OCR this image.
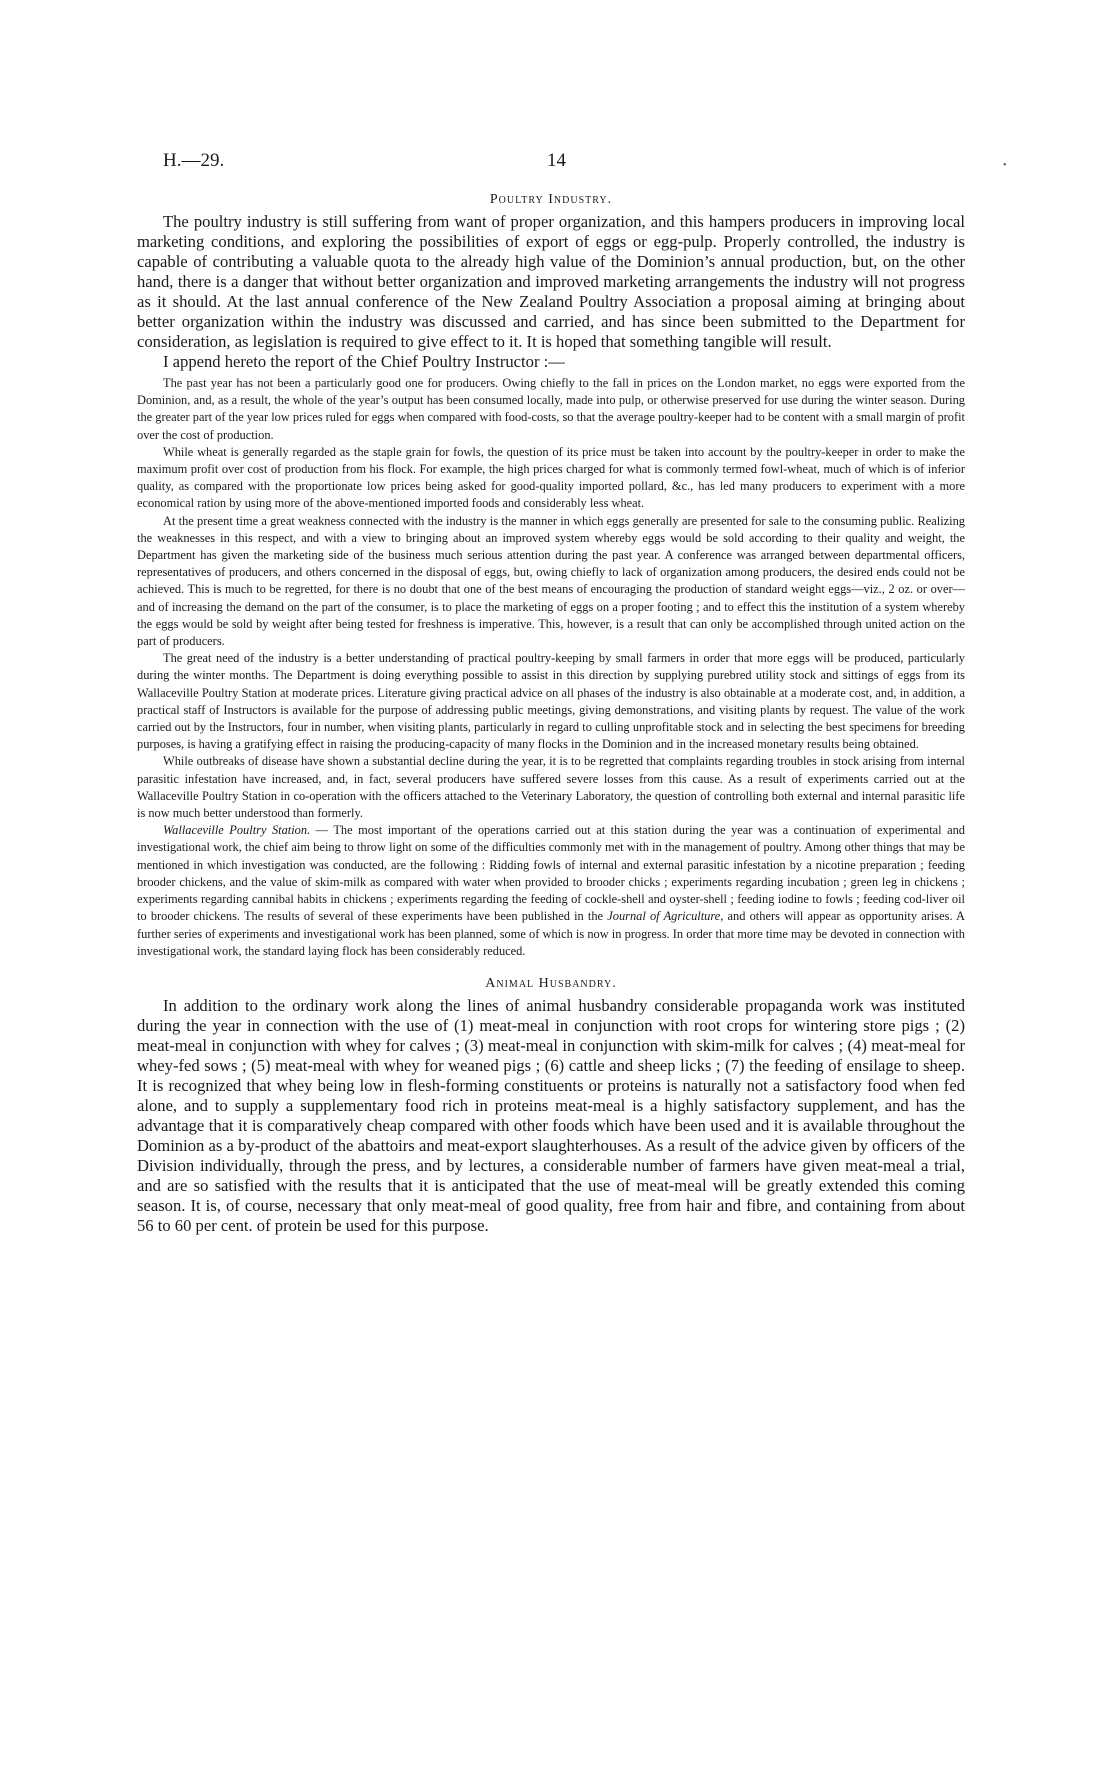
•
H.—29.	14
Poultry Industry.

The poultry industry is still suffering from want of proper organization, and this hampers producers in improving local marketing conditions, and exploring the possibilities of export of eggs or egg-pulp. Properly controlled, the industry is capable of contributing a valuable quota to the already high value of the Dominion’s annual production, but, on the other hand, there is a danger that without better organization and improved marketing arrangements the industry will not progress as it should. At the last annual conference of the New Zealand Poultry Association a proposal aiming at bringing about better organization within the industry was discussed and carried, and has since been submitted to the Department for consideration, as legislation is required to give effect to it. It is hoped that something tangible will result.

I append hereto the report of the Chief Poultry Instructor :—

The past year has not been a particularly good one for producers. Owing chiefly to the fall in prices on the London market, no eggs were exported from the Dominion, and, as a result, the whole of the year’s output has been consumed locally, made into pulp, or otherwise preserved for use during the winter season. During the greater part of the year low prices ruled for eggs when compared with food-costs, so that the average poultry-keeper had to be content with a small margin of profit over the cost of production.

While wheat is generally regarded as the staple grain for fowls, the question of its price must be taken into account by the poultry-keeper in order to make the maximum profit over cost of production from his flock. For example, the high prices charged for what is commonly termed fowl-wheat, much of which is of inferior quality, as compared with the proportionate low prices being asked for good-quality imported pollard, &c., has led many producers to experiment with a more economical ration by using more of the above-mentioned imported foods and considerably less wheat.

At the present time a great weakness connected with the industry is the manner in which eggs generally are presented for sale to the consuming public. Realizing the weaknesses in this respect, and with a view to bringing about an improved system whereby eggs would be sold according to their quality and weight, the Department has given the marketing side of the business much serious attention during the past year. A conference was arranged between departmental officers, representatives of producers, and others concerned in the disposal of eggs, but, owing chiefly to lack of organization among producers, the desired ends could not be achieved. This is much to be regretted, for there is no doubt that one of the best means of encouraging the production of standard weight eggs—viz., 2 oz. or over—and of increasing the demand on the part of the consumer, is to place the marketing of eggs on a proper footing ; and to effect this the institution of a system whereby the eggs would be sold by weight after being tested for freshness is imperative. This, however, is a result that can only be accomplished through united action on the part of producers.

The great need of the industry is a better understanding of practical poultry-keeping by small farmers in order that more eggs will be produced, particularly during the winter months. The Department is doing everything possible to assist in this direction by supplying purebred utility stock and sittings of eggs from its Wallaceville Poultry Station at moderate prices. Literature giving practical advice on all phases of the industry is also obtainable at a moderate cost, and, in addition, a practical staff of Instructors is available for the purpose of addressing public meetings, giving demonstrations, and visiting plants by request. The value of the work carried out by the Instructors, four in number, when visiting plants, particularly in regard to culling unprofitable stock and in selecting the best specimens for breeding purposes, is having a gratifying effect in raising the producing-capacity of many flocks in the Dominion and in the increased monetary results being obtained.

While outbreaks of disease have shown a substantial decline during the year, it is to be regretted that complaints regarding troubles in stock arising from internal parasitic infestation have increased, and, in fact, several producers have suffered severe losses from this cause. As a result of experiments carried out at the Wallaceville Poultry Station in co-operation with the officers attached to the Veterinary Laboratory, the question of controlling both external and internal parasitic life is now much better understood than formerly.

Wallaceville Poultry Station. — The most important of the operations carried out at this station during the year was a continuation of experimental and investigational work, the chief aim being to throw light on some of the difficulties commonly met with in the management of poultry. Among other things that may be mentioned in which investigation was conducted, are the following : Ridding fowls of internal and external parasitic infestation by a nicotine preparation ; feeding brooder chickens, and the value of skim-milk as compared with water when provided to brooder chicks ; experiments regarding incubation ; green leg in chickens ; experiments regarding cannibal habits in chickens ; experiments regarding the feeding of cockle-shell and oyster-shell ; feeding iodine to fowls ; feeding cod-liver oil to brooder chickens. The results of several of these experiments have been published in the Journal of Agriculture, and others will appear as opportunity arises. A further series of experiments and investigational work has been planned, some of which is now in progress. In order that more time may be devoted in connection with investigational work, the standard laying flock has been considerably reduced.

Animal Husbandry.

In addition to the ordinary work along the lines of animal husbandry considerable propaganda work was instituted during the year in connection with the use of (1) meat-meal in conjunction with root crops for wintering store pigs ; (2) meat-meal in conjunction with whey for calves ; (3) meat-meal in conjunction with skim-milk for calves ; (4) meat-meal for whey-fed sows ; (5) meat-meal with whey for weaned pigs ; (6) cattle and sheep licks ; (7) the feeding of ensilage to sheep. It is recognized that whey being low in flesh-forming constituents or proteins is naturally not a satisfactory food when fed alone, and to supply a supplementary food rich in proteins meat-meal is a highly satisfactory supplement, and has the advantage that it is comparatively cheap compared with other foods which have been used and it is available throughout the Dominion as a by-product of the abattoirs and meat-export slaughterhouses. As a result of the advice given by officers of the Division individually, through the press, and by lectures, a considerable number of farmers have given meat-meal a trial, and are so satisfied with the results that it is anticipated that the use of meat-meal will be greatly extended this coming season. It is, of course, necessary that only meat-meal of good quality, free from hair and fibre, and containing from about 56 to 60 per cent. of protein be used for this purpose.
